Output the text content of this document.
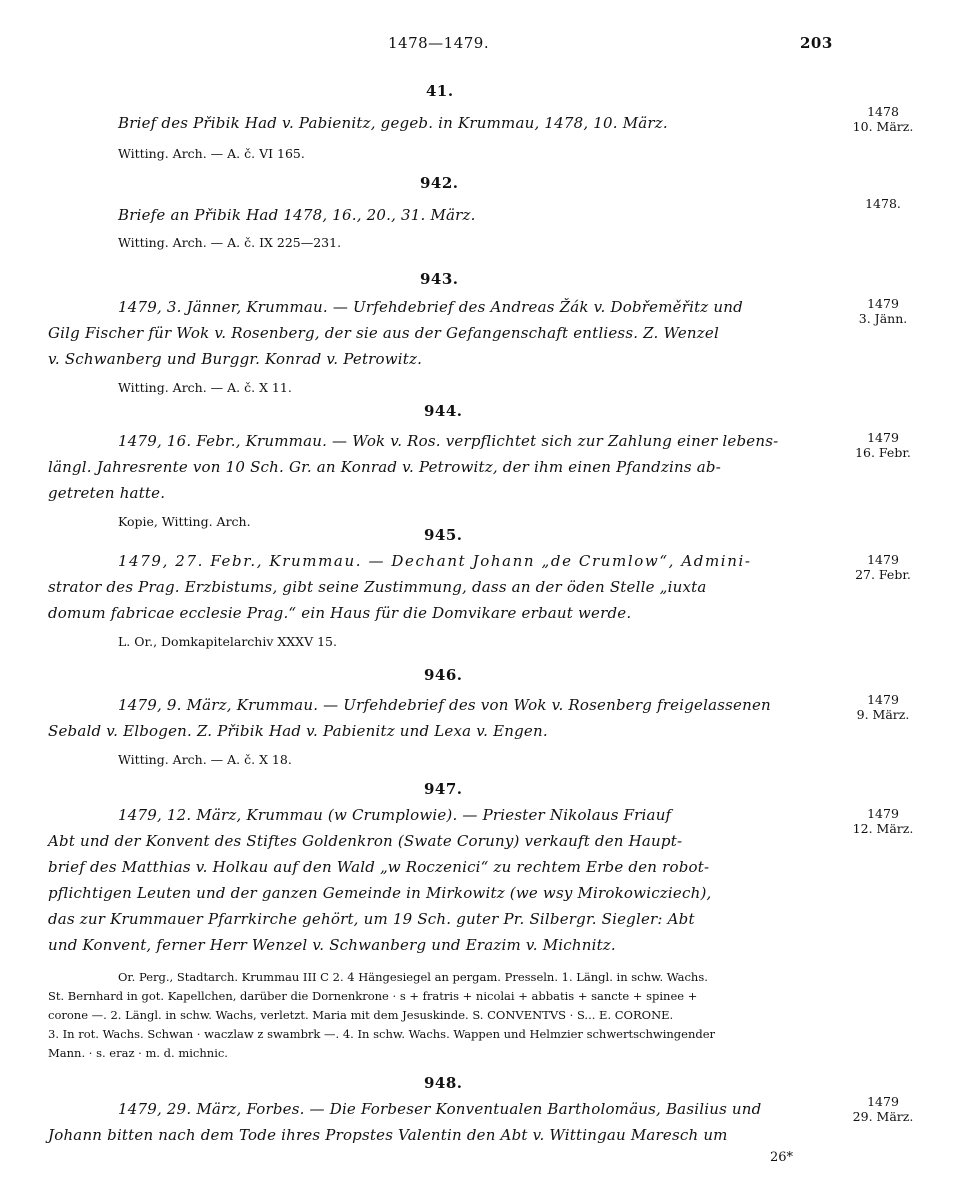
1478—1479.	203
41.
Brief des Přibik Had v. Pabienitz, gegeb. in Krummau, 1478, 10. März.
Witting. Arch. — A. č. VI 165.
1478
10. März.
942.
Briefe an Přibik Had 1478, 16., 20., 31. März.
Witting. Arch. — A. č. IX 225—231.
1478.
943.
1479, 3. Jänner, Krummau. — Urfehdebrief des Andreas Žák v. Dobřeměřitz und
Gilg Fischer für Wok v. Rosenberg, der sie aus der Gefangenschaft entliess. Z. Wenzel
v. Schwanberg und Burggr. Konrad v. Petrowitz.
Witting. Arch. — A. č. X 11.
1479
3. Jänn.
944.
1479, 16. Febr., Krummau. — Wok v. Ros. verpflichtet sich zur Zahlung einer lebens-
längl. Jahresrente von 10 Sch. Gr. an Konrad v. Petrowitz, der ihm einen Pfandzins ab-
getreten hatte.
Kopie, Witting. Arch.
1479
16. Febr.
945.
1479, 27. Febr., Krummau. — Dechant Johann „de Crumlow“, Admini-
strator des Prag. Erzbistums, gibt seine Zustimmung, dass an der öden Stelle „iuxta
domum fabricae ecclesie Prag.“ ein Haus für die Domvikare erbaut werde.
L. Or., Domkapitelarchiv XXXV 15.
1479
27. Febr.
946.
1479, 9. März, Krummau. — Urfehdebrief des von Wok v. Rosenberg freigelassenen
Sebald v. Elbogen. Z. Přibik Had v. Pabienitz und Lexa v. Engen.
Witting. Arch. — A. č. X 18.
1479
9. März.
947.
1479, 12. März, Krummau (w Crumplowie). — Priester Nikolaus Friauf
Abt und der Konvent des Stiftes Goldenkron (Swate Coruny) verkauft den Haupt-
brief des Matthias v. Holkau auf den Wald „w Roczenici“ zu rechtem Erbe den robot-
pflichtigen Leuten und der ganzen Gemeinde in Mirkowitz (we wsy Mirokowicziech),
das zur Krummauer Pfarrkirche gehört, um 19 Sch. guter Pr. Silbergr. Siegler: Abt
und Konvent, ferner Herr Wenzel v. Schwanberg und Erazim v. Michnitz.
Or. Perg., Stadtarch. Krummau III C 2. 4 Hängesiegel an pergam. Presseln. 1. Längl. in schw. Wachs.
St. Bernhard in got. Kapellchen, darüber die Dornenkrone · s + fratris + nicolai + abbatis + sancte + spinee +
corone —. 2. Längl. in schw. Wachs, verletzt. Maria mit dem Jesuskinde. S. CONVENTVS · S... E. CORONE.
3. In rot. Wachs. Schwan · waczlaw z swambrk —. 4. In schw. Wachs. Wappen und Helmzier schwertschwingender
Mann. · s. eraz · m. d. michnic.
1479
12. März.
948.
1479, 29. März, Forbes. — Die Forbeser Konventualen Bartholomäus, Basilius und
Johann bitten nach dem Tode ihres Propstes Valentin den Abt v. Wittingau Maresch um
1479
29. März.
26*
